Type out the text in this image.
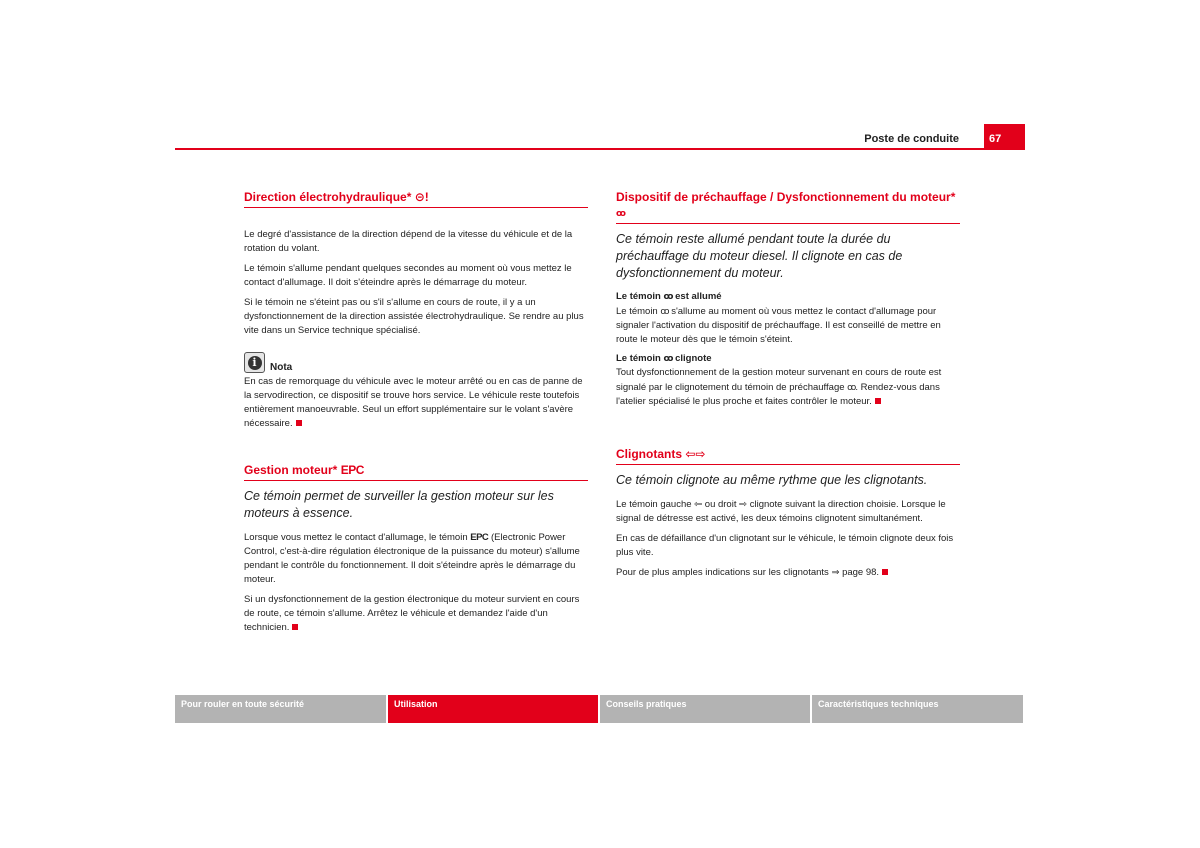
Poste de conduite	67
Direction électrohydraulique* ⊝!

Le degré d'assistance de la direction dépend de la vitesse du véhicule et de la rotation du volant.

Le témoin s'allume pendant quelques secondes au moment où vous mettez le contact d'allumage. Il doit s'éteindre après le démarrage du moteur.

Si le témoin ne s'éteint pas ou s'il s'allume en cours de route, il y a un dysfonctionnement de la direction assistée électrohydraulique. Se rendre au plus vite dans un Service technique spécialisé.

i	Nota

En cas de remorquage du véhicule avec le moteur arrêté ou en cas de panne de la servodirection, ce dispositif se trouve hors service. Le véhicule reste toutefois entièrement manoeuvrable. Seul un effort supplémentaire sur le volant s'avère nécessaire.

Gestion moteur* EPC
Ce témoin permet de surveiller la gestion moteur sur les moteurs à essence.

Lorsque vous mettez le contact d'allumage, le témoin EPC (Electronic Power Control, c'est-à-dire régulation électronique de la puissance du moteur) s'allume pendant le contrôle du fonctionnement. Il doit s'éteindre après le démarrage du moteur.

Si un dysfonctionnement de la gestion électronique du moteur survient en cours de route, ce témoin s'allume. Arrêtez le véhicule et demandez l'aide d'un technicien.

Dispositif de préchauffage / Dysfonctionnement du moteur*
ꝏ
Ce témoin reste allumé pendant toute la durée du préchauffage du moteur diesel. Il clignote en cas de dysfonctionnement du moteur.
Le témoin ꝏ est allumé

Le témoin ꝏ s'allume au moment où vous mettez le contact d'allumage pour signaler l'activation du dispositif de préchauffage. Il est conseillé de mettre en route le moteur dès que le témoin s'éteint.

Le témoin ꝏ clignote

Tout dysfonctionnement de la gestion moteur survenant en cours de route est signalé par le clignotement du témoin de préchauffage ꝏ. Rendez-vous dans l'atelier spécialisé le plus proche et faites contrôler le moteur.

Clignotants ⇦⇨
Ce témoin clignote au même rythme que les clignotants.

Le témoin gauche ⇦ ou droit ⇨ clignote suivant la direction choisie. Lorsque le signal de détresse est activé, les deux témoins clignotent simultanément.

En cas de défaillance d'un clignotant sur le véhicule, le témoin clignote deux fois plus vite.

Pour de plus amples indications sur les clignotants ⇒ page 98.

Pour rouler en toute sécurité	Utilisation	Conseils pratiques	Caractéristiques techniques
